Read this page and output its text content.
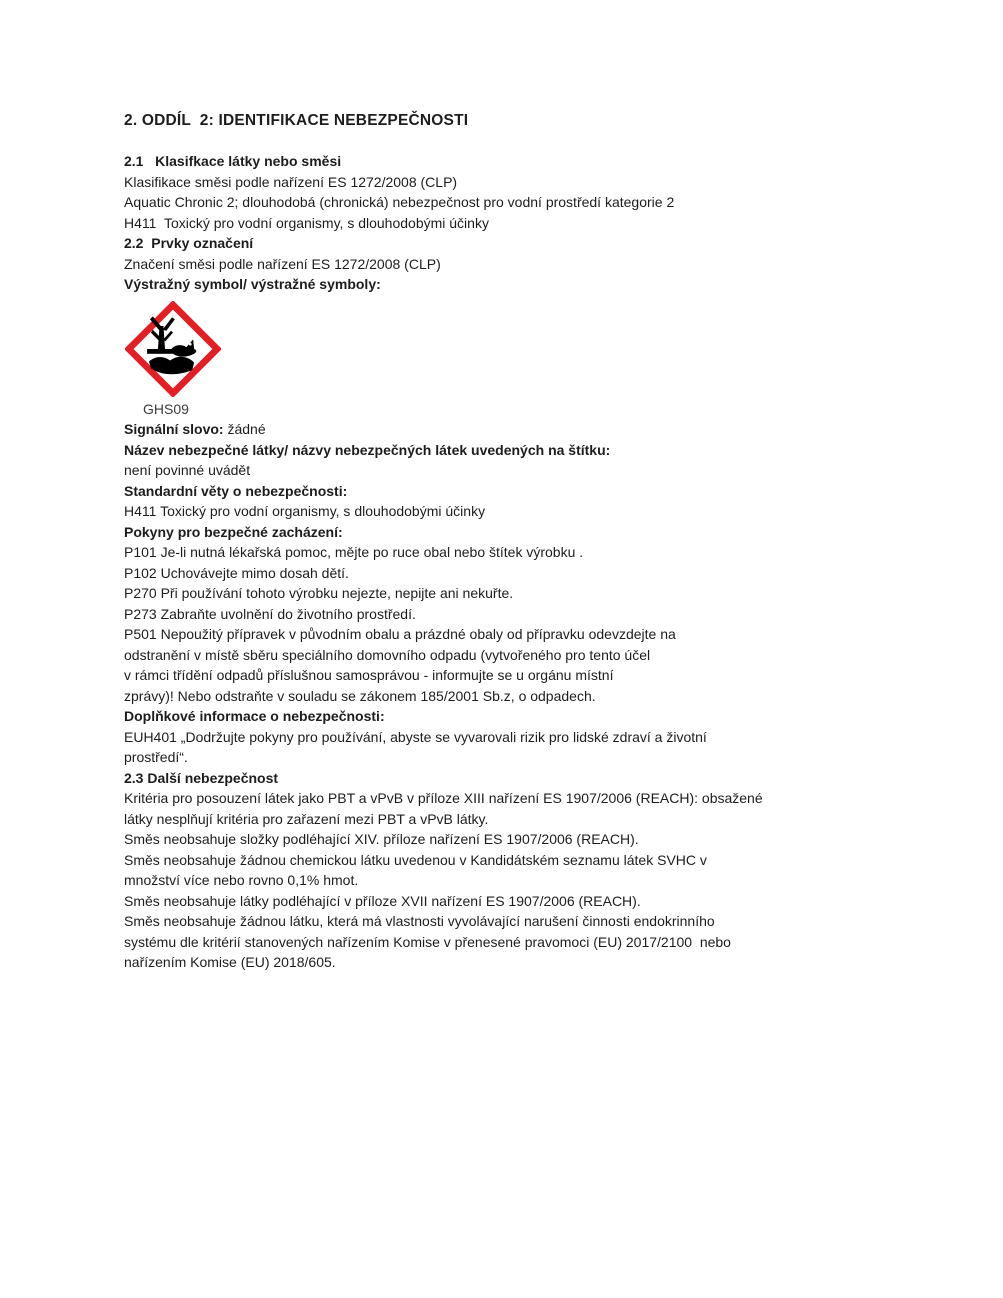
2. ODDÍL  2: IDENTIFIKACE NEBEZPEČNOSTI
2.1   Klasifkace látky nebo směsi
Klasifikace směsi podle nařízení ES 1272/2008 (CLP)
Aquatic Chronic 2; dlouhodobá (chronická) nebezpečnost pro vodní prostředí kategorie 2
H411  Toxický pro vodní organismy, s dlouhodobými účinky
2.2  Prvky označení
Značení směsi podle nařízení ES 1272/2008 (CLP)
Výstražný symbol/ výstražné symboly:
GHS09
Signální slovo: žádné
Název nebezpečné látky/ názvy nebezpečných látek uvedených na štítku:
není povinné uvádět
Standardní věty o nebezpečnosti:
H411 Toxický pro vodní organismy, s dlouhodobými účinky
Pokyny pro bezpečné zacházení:
P101 Je-li nutná lékařská pomoc, mějte po ruce obal nebo štítek výrobku .
P102 Uchovávejte mimo dosah dětí.
P270 Při používání tohoto výrobku nejezte, nepijte ani nekuřte.
P273 Zabraňte uvolnění do životního prostředí.
P501 Nepoužitý přípravek v původním obalu a prázdné obaly od přípravku odevzdejte na
odstranění v místě sběru speciálního domovního odpadu (vytvořeného pro tento účel
v rámci třídění odpadů příslušnou samosprávou - informujte se u orgánu místní
zprávy)! Nebo odstraňte v souladu se zákonem 185/2001 Sb.z, o odpadech.
Doplňkové informace o nebezpečnosti:
EUH401 „Dodržujte pokyny pro používání, abyste se vyvarovali rizik pro lidské zdraví a životní
prostředí“.
2.3 Další nebezpečnost
Kritéria pro posouzení látek jako PBT a vPvB v příloze XIII nařízení ES 1907/2006 (REACH): obsažené
látky nesplňují kritéria pro zařazení mezi PBT a vPvB látky.
Směs neobsahuje složky podléhající XIV. příloze nařízení ES 1907/2006 (REACH).
Směs neobsahuje žádnou chemickou látku uvedenou v Kandidátském seznamu látek SVHC v
množství více nebo rovno 0,1% hmot.
Směs neobsahuje látky podléhající v příloze XVII nařízení ES 1907/2006 (REACH).
Směs neobsahuje žádnou látku, která má vlastnosti vyvolávající narušení činnosti endokrinního
systému dle kritérií stanovených nařízením Komise v přenesené pravomoci (EU) 2017/2100  nebo
nařízením Komise (EU) 2018/605.
